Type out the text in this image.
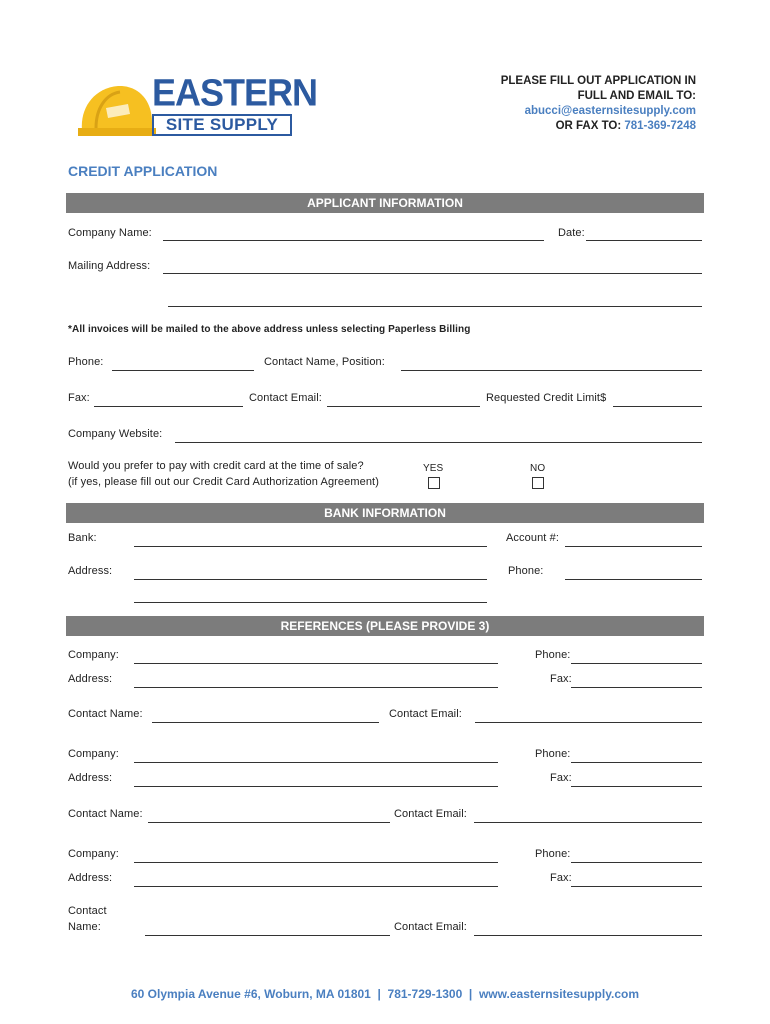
EASTERN
SITE SUPPLY
PLEASE FILL OUT APPLICATION IN
FULL AND EMAIL TO:
abucci@easternsitesupply.com
OR FAX TO: 781-369-7248
CREDIT APPLICATION
APPLICANT INFORMATION
Company Name:	Date:
Mailing Address:
*All invoices will be mailed to the above address unless selecting Paperless Billing
Phone:	Contact Name, Position:
Fax:	Contact Email:	Requested Credit Limit$
Company Website:
Would you prefer to pay with credit card at the time of sale?
(if yes, please fill out our Credit Card Authorization Agreement)
YES	NO
BANK INFORMATION
Bank:	Account #:
Address:	Phone:
REFERENCES (PLEASE PROVIDE 3)
Company:	Phone:
Address:	Fax:
Contact Name:	Contact Email:
Company:	Phone:
Address:	Fax:
Contact Name:	Contact Email:
Company:	Phone:
Address:	Fax:
Contact
Name:	Contact Email:
60 Olympia Avenue #6, Woburn, MA 01801  |  781-729-1300  |  www.easternsitesupply.com
